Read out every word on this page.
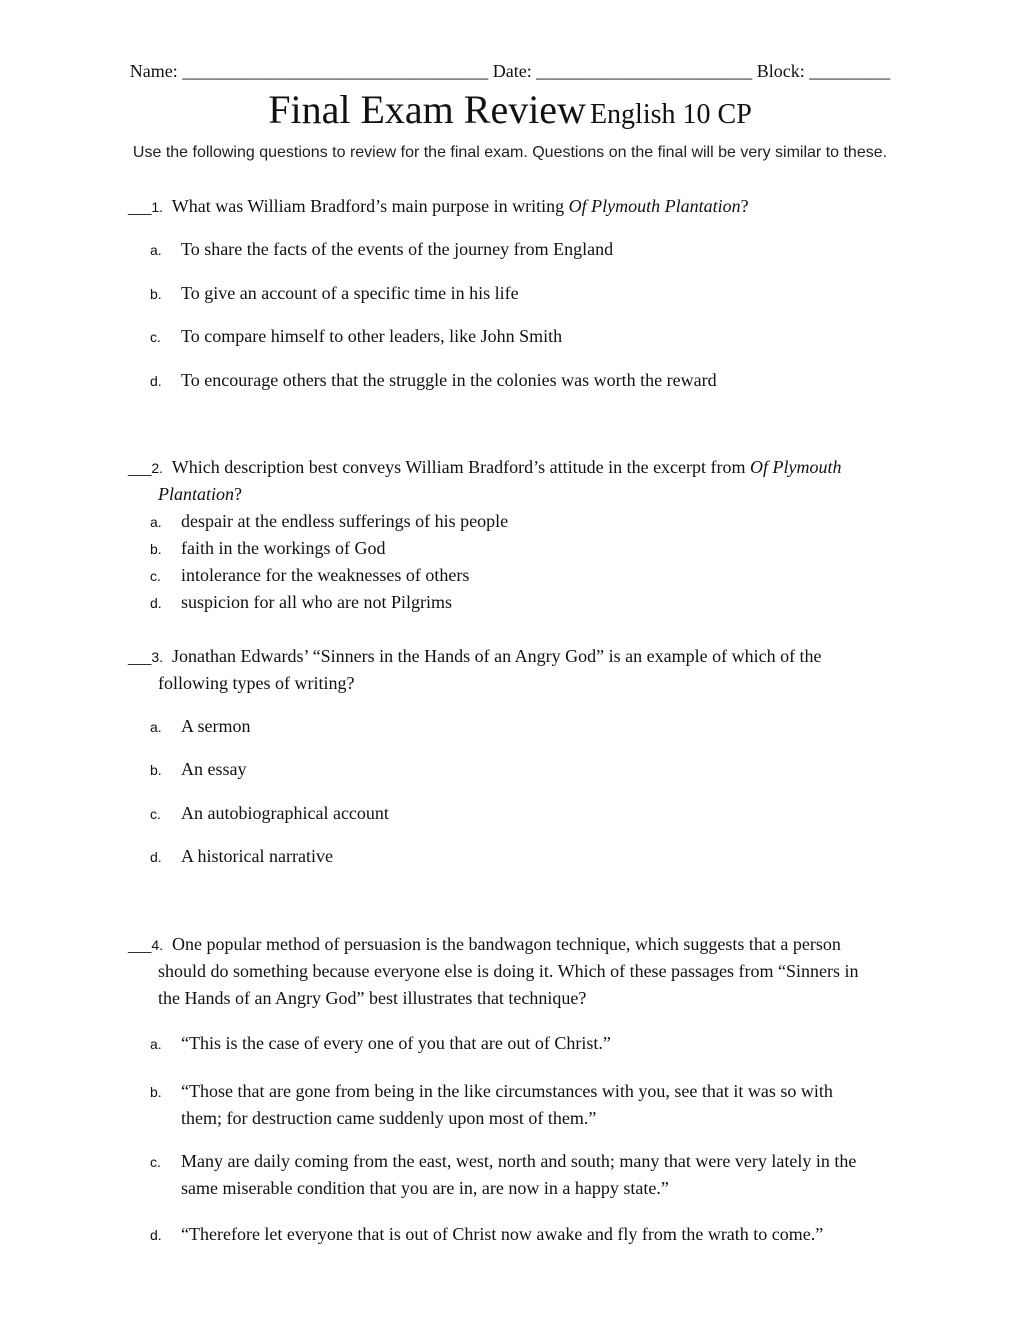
Name: __________________________________ Date: ________________________ Block: _________
Final Exam Review English 10 CP
Use the following questions to review for the final exam. Questions on the final will be very similar to these.
___1. What was William Bradford’s main purpose in writing Of Plymouth Plantation?
a. To share the facts of the events of the journey from England
b. To give an account of a specific time in his life
c. To compare himself to other leaders, like John Smith
d. To encourage others that the struggle in the colonies was worth the reward
___2. Which description best conveys William Bradford’s attitude in the excerpt from Of Plymouth
Plantation?
a. despair at the endless sufferings of his people
b. faith in the workings of God
c. intolerance for the weaknesses of others
d. suspicion for all who are not Pilgrims
___3. Jonathan Edwards’ “Sinners in the Hands of an Angry God” is an example of which of the
following types of writing?
a. A sermon
b. An essay
c. An autobiographical account
d. A historical narrative
___4. One popular method of persuasion is the bandwagon technique, which suggests that a person
should do something because everyone else is doing it. Which of these passages from “Sinners in
the Hands of an Angry God” best illustrates that technique?
a. “This is the case of every one of you that are out of Christ.”
b. “Those that are gone from being in the like circumstances with you, see that it was so with
them; for destruction came suddenly upon most of them.”
c. Many are daily coming from the east, west, north and south; many that were very lately in the
same miserable condition that you are in, are now in a happy state.”
d. “Therefore let everyone that is out of Christ now awake and fly from the wrath to come.”
